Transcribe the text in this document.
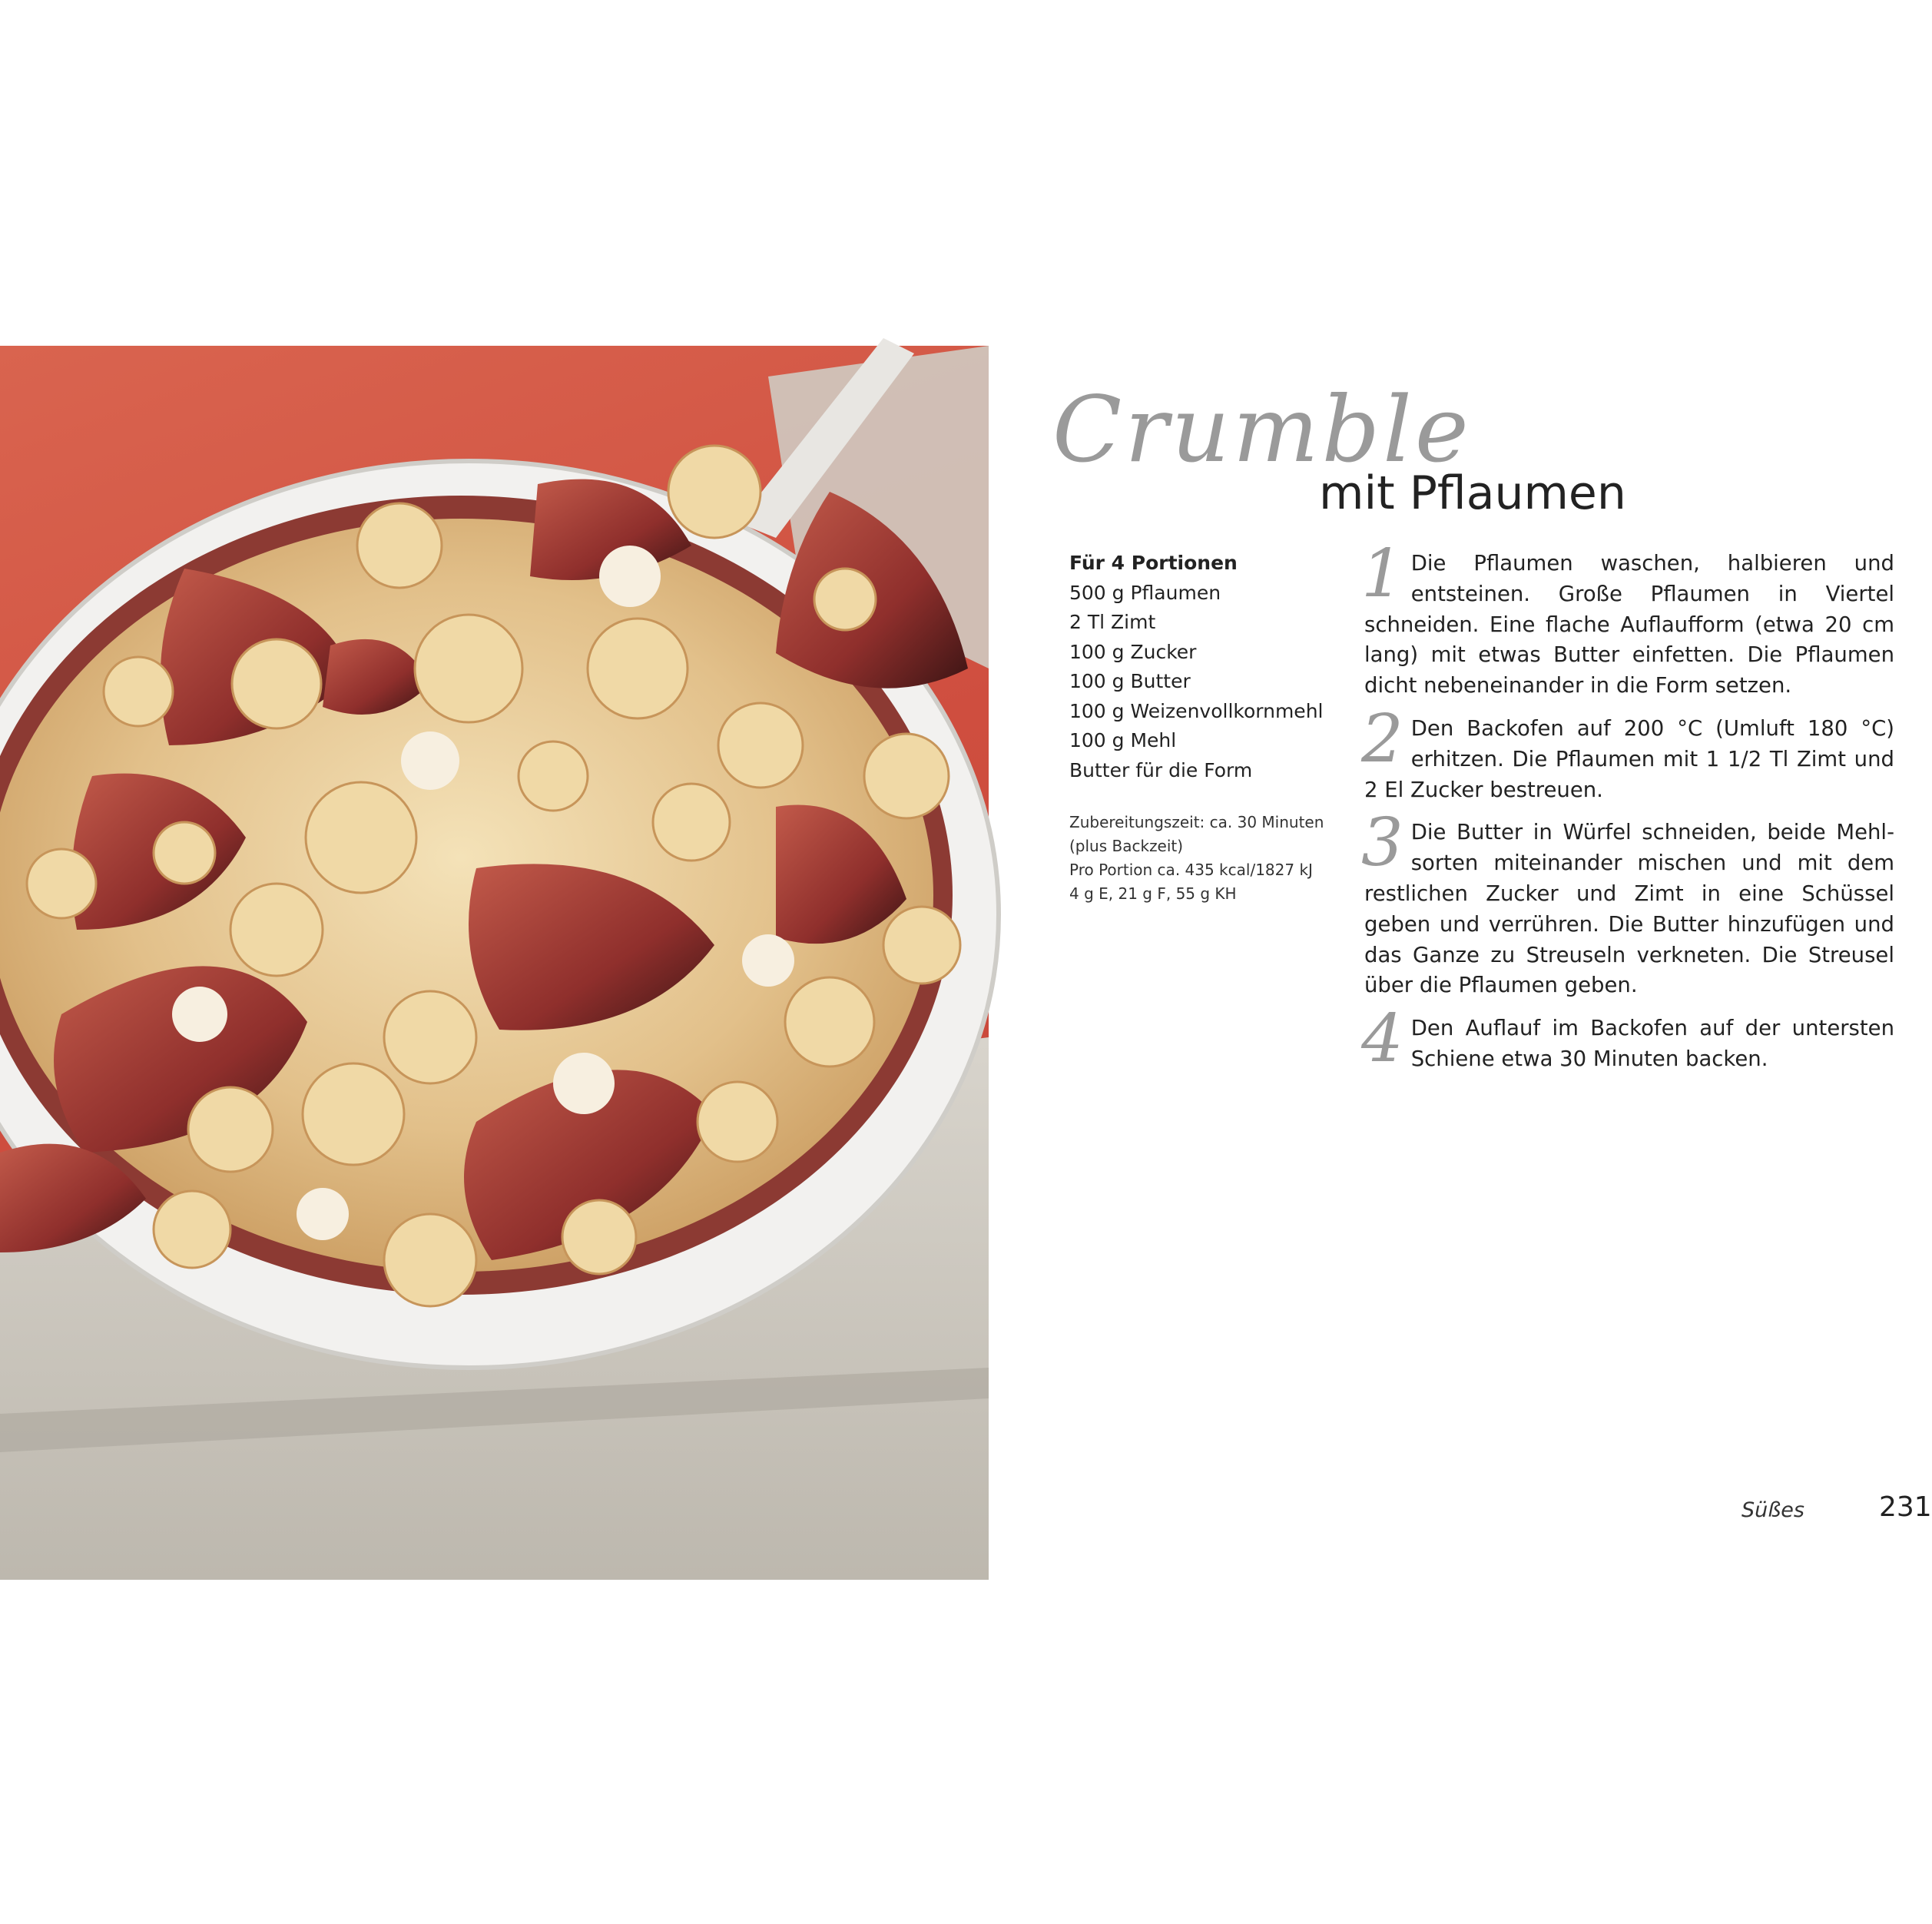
Crumble
mit Pflaumen
Für 4 Portionen
500 g Pflaumen
2 Tl Zimt
100 g Zucker
100 g Butter
100 g Weizenvollkornmehl
100 g Mehl
Butter für die Form
Zubereitungszeit: ca. 30 Minuten
(plus Backzeit)
Pro Portion ca. 435 kcal/1827 kJ
4 g E, 21 g F, 55 g KH
1 Die Pflaumen waschen, halbieren und entsteinen. Große Pflaumen in Viertel schneiden. Eine flache Auflaufform (etwa 20 cm lang) mit etwas Butter einfetten. Die Pflaumen dicht nebeneinander in die Form setzen.
2 Den Backofen auf 200 °C (Umluft 180 °C) erhitzen. Die Pflaumen mit 1 1/2 Tl Zimt und 2 El Zucker bestreuen.
3 Die Butter in Würfel schneiden, beide Mehlsorten miteinander mischen und mit dem restlichen Zucker und Zimt in eine Schüssel geben und verrühren. Die Butter hinzufügen und das Ganze zu Streuseln verkneten. Die Streusel über die Pflaumen geben.
4 Den Auflauf im Backofen auf der untersten Schiene etwa 30 Minuten backen.
Süßes	231
